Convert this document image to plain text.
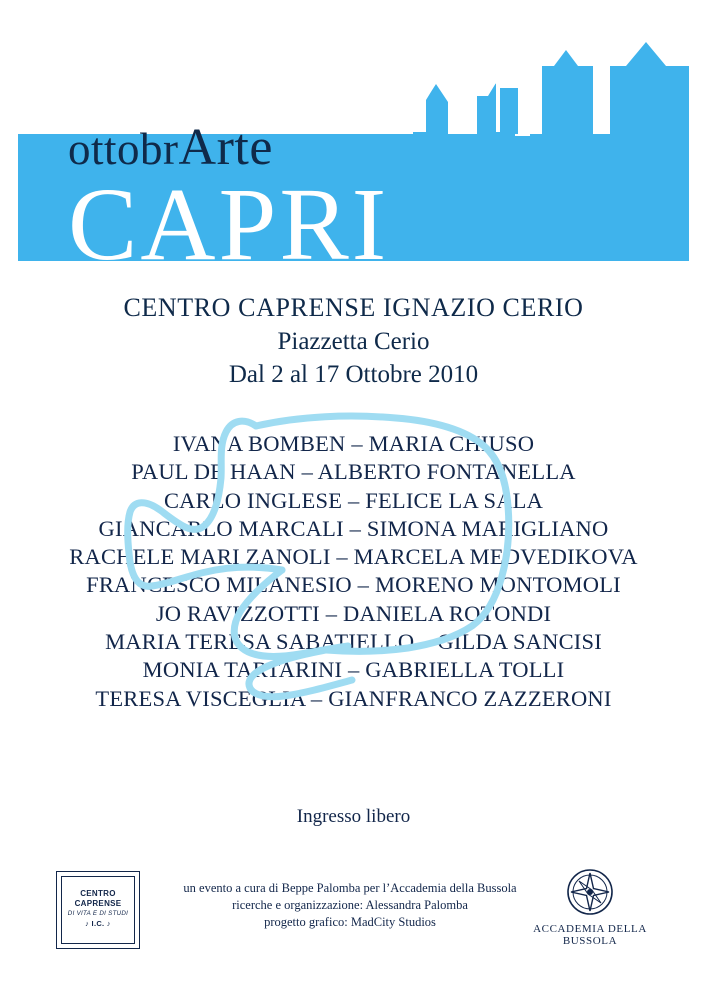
ottobrArte
CAPRI
CENTRO CAPRENSE IGNAZIO CERIO
Piazzetta Cerio
Dal 2 al 17 Ottobre 2010
IVANA BOMBEN – MARIA CHIUSO
PAUL DE HAAN – ALBERTO FONTANELLA
CARLO INGLESE – FELICE LA SALA
GIANCARLO MARCALI – SIMONA MARIGLIANO
RACHELE MARI ZANOLI – MARCELA MEDVEDIKOVA
FRANCESCO MILANESIO – MORENO MONTOMOLI
JO RAVIZZOTTI – DANIELA ROTONDI
MARIA TERESA SABATIELLO – GILDA SANCISI
MONIA TARTARINI – GABRIELLA TOLLI
TERESA VISCEGLIA – GIANFRANCO ZAZZERONI
Ingresso libero
CENTRO
CAPRENSE
DI VITA E DI STUDI
♪ I.C. ♪
un evento a cura di Beppe Palomba per l’Accademia della Bussola
ricerche e organizzazione: Alessandra Palomba
progetto grafico: MadCity Studios	ACCADEMIA DELLA BUSSOLA
